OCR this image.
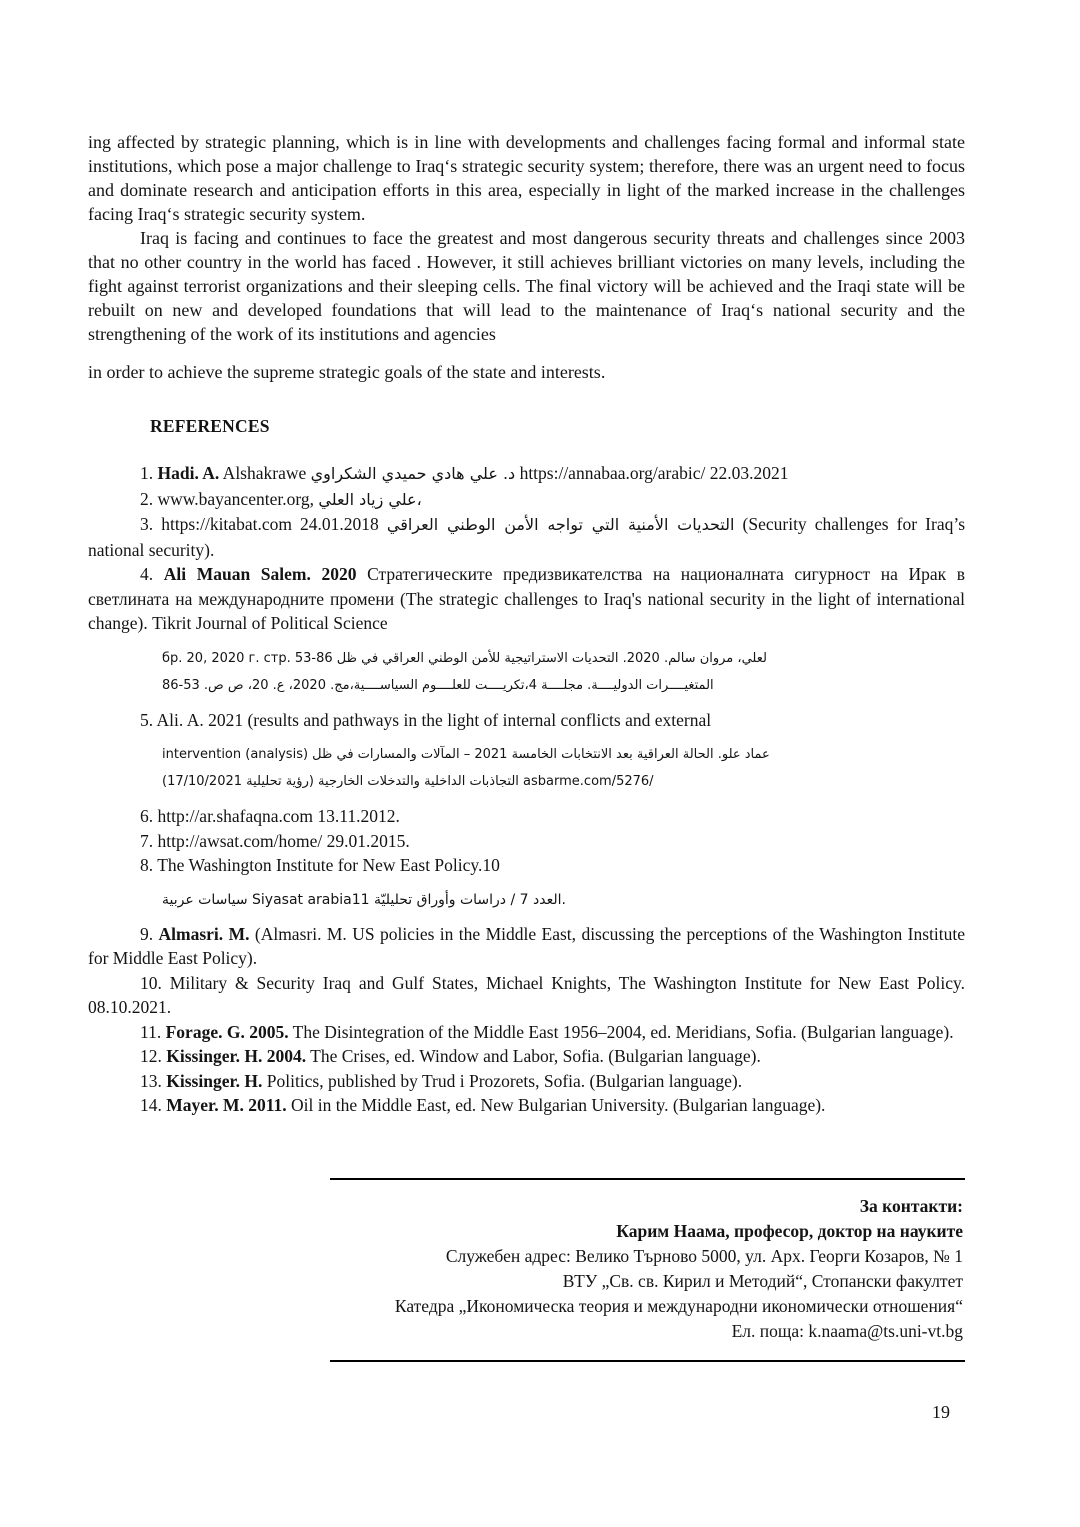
ing affected by strategic planning, which is in line with developments and challenges facing formal and informal state institutions, which pose a major challenge to Iraq‘s strategic security system; therefore, there was an urgent need to focus and dominate research and anticipation efforts in this area, especially in light of the marked increase in the challenges facing Iraq‘s strategic security system.

Iraq is facing and continues to face the greatest and most dangerous security threats and challenges since 2003 that no other country in the world has faced . However, it still achieves brilliant victories on many levels, including the fight against terrorist organizations and their sleeping cells. The final victory will be achieved and the Iraqi state will be rebuilt on new and developed foundations that will lead to the maintenance of Iraq‘s national security and the strengthening of the work of its institutions and agencies

in order to achieve the supreme strategic goals of the state and interests.

REFERENCES

1. Hadi. A. Alshakrawe د. علي هادي حميدي الشكراوي https://annabaa.org/arabic/ 22.03.2021

2. www.bayancenter.org, علي زياد العلي،

3. https://kitabat.com	التحديات الأمنية التي تواجه الأمن الوطني العراقي 24.01.2018 (Security challenges for Iraq’s national security).

4. Ali Mauan Salem. 2020 Стратегическите предизвикателства на националната сигурност на Ирак в светлината на международните промени (The strategic challenges to Iraq's national security in the light of international change). Tikrit Journal of Political Science

бр. 20, 2020 г. стр. 53-86 لعلي، مروان سالم. 2020. التحديات الاستراتيجية للأمن الوطني العراقي في ظل
المتغيــــرات الدوليــــة. مجلــــة 4،تكريــــت للعلــــوم السياســــية،مج. 2020، ع. 20، ص ص. 53-86

5. Ali. A. 2021 (results and pathways in the light of internal conflicts and external

intervention (analysis) عماد علو. الحالة العراقية بعد الانتخابات الخامسة 2021 – المآلات والمسارات في ظل
(التجاذبات الداخلية والتدخلات الخارجية (رؤية تحليلية 17/10/2021 asbarme.com/5276/

6. http://ar.shafaqna.com 13.11.2012.

7. http://awsat.com/home/ 29.01.2015.

8. The Washington Institute for New East Policy.10

سياسات عربية Siyasat arabia11 العدد 7 / دراسات وأوراق تحليليّة.

9. Almasri. M. (Almasri. M. US policies in the Middle East, discussing the perceptions of the Washington Institute for Middle East Policy).

10. Military & Security Iraq and Gulf States, Michael Knights, The Washington Institute for New East Policy. 08.10.2021.

11. Forage. G. 2005. The Disintegration of the Middle East 1956–2004, ed. Meridians, Sofia. (Bulgarian language).

12. Kissinger. H. 2004. The Crises, ed. Window and Labor, Sofia. (Bulgarian language).

13. Kissinger. H. Politics, published by Trud i Prozorets, Sofia. (Bulgarian language).

14. Mayer. M. 2011. Oil in the Middle East, ed. New Bulgarian University. (Bulgarian language).

За контакти:

Карим Наама, професор, доктор на науките

Служебен адрес: Велико Търново 5000, ул. Арх. Георги Козаров, № 1

ВТУ „Св. св. Кирил и Методий“, Стопански факултет

Катедра „Икономическа теория и международни икономически отношения“

Ел. поща: k.naama@ts.uni-vt.bg

19
